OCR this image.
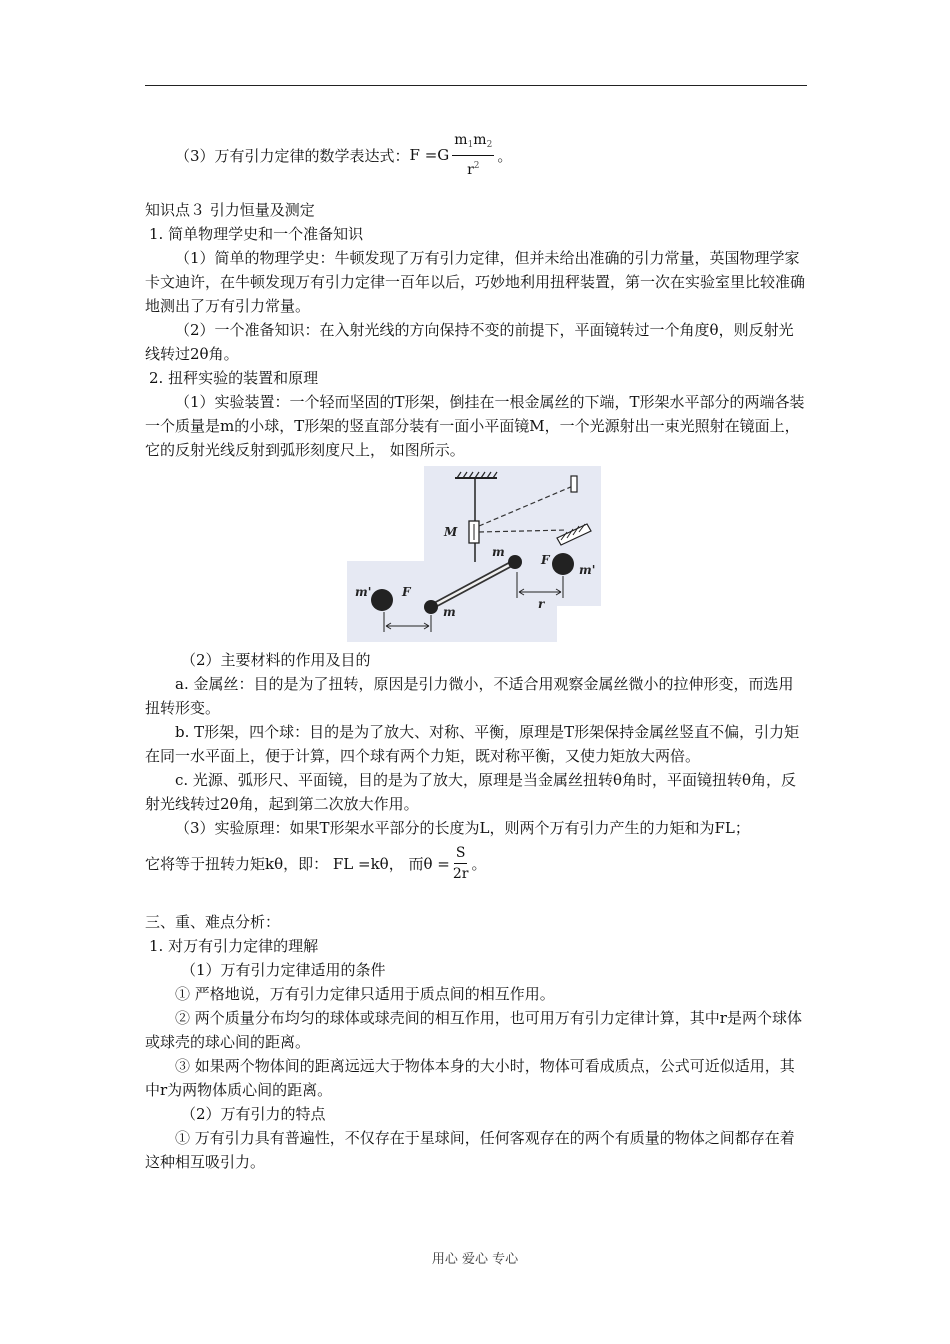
（3）万有引力定律的数学表达式： $F =G \frac{m_1m_2}{r^2}$ 。

知识点３ 引力恒量及测定

1. 简单物理学史和一个准备知识

（1）简单的物理学史：牛顿发现了万有引力定律，但并未给出准确的引力常量，英国物理学家卡文迪许，在牛顿发现万有引力定律一百年以后，巧妙地利用扭秤装置，第一次在实验室里比较准确地测出了万有引力常量。

（2）一个准备知识：在入射光线的方向保持不变的前提下，平面镜转过一个角度θ，则反射光线转过2θ角。

2. 扭秤实验的装置和原理

（1）实验装置：一个轻而坚固的T形架，倒挂在一根金属丝的下端，T形架水平部分的两端各装一个质量是m的小球，T形架的竖直部分装有一面小平面镜M，一个光源射出一束光照射在镜面上，它的反射光线反射到弧形刻度尺上， 如图所示。

M
m
m
F
F
m'
m'
r

（2）主要材料的作用及目的

a. 金属丝：目的是为了扭转，原因是引力微小，不适合用观察金属丝微小的拉伸形变，而选用扭转形变。

b. T形架，四个球：目的是为了放大、对称、平衡，原理是T形架保持金属丝竖直不偏，引力矩在同一水平面上，便于计算，四个球有两个力矩，既对称平衡，又使力矩放大两倍。

c. 光源、弧形尺、平面镜，目的是为了放大，原理是当金属丝扭转θ角时，平面镜扭转θ角，反射光线转过2θ角，起到第二次放大作用。

（3）实验原理：如果T形架水平部分的长度为L，则两个万有引力产生的力矩和为FL；

它将等于扭转力矩kθ，即： FL =kθ， 而$\theta = \frac{S}{2r}$ 。

三、重、难点分析：

1. 对万有引力定律的理解

（1）万有引力定律适用的条件

① 严格地说，万有引力定律只适用于质点间的相互作用。

② 两个质量分布均匀的球体或球壳间的相互作用，也可用万有引力定律计算，其中r是两个球体或球壳的球心间的距离。

③ 如果两个物体间的距离远远大于物体本身的大小时，物体可看成质点，公式可近似适用，其中r为两物体质心间的距离。

（2）万有引力的特点

① 万有引力具有普遍性，不仅存在于星球间，任何客观存在的两个有质量的物体之间都存在着这种相互吸引力。

用心 爱心 专心
